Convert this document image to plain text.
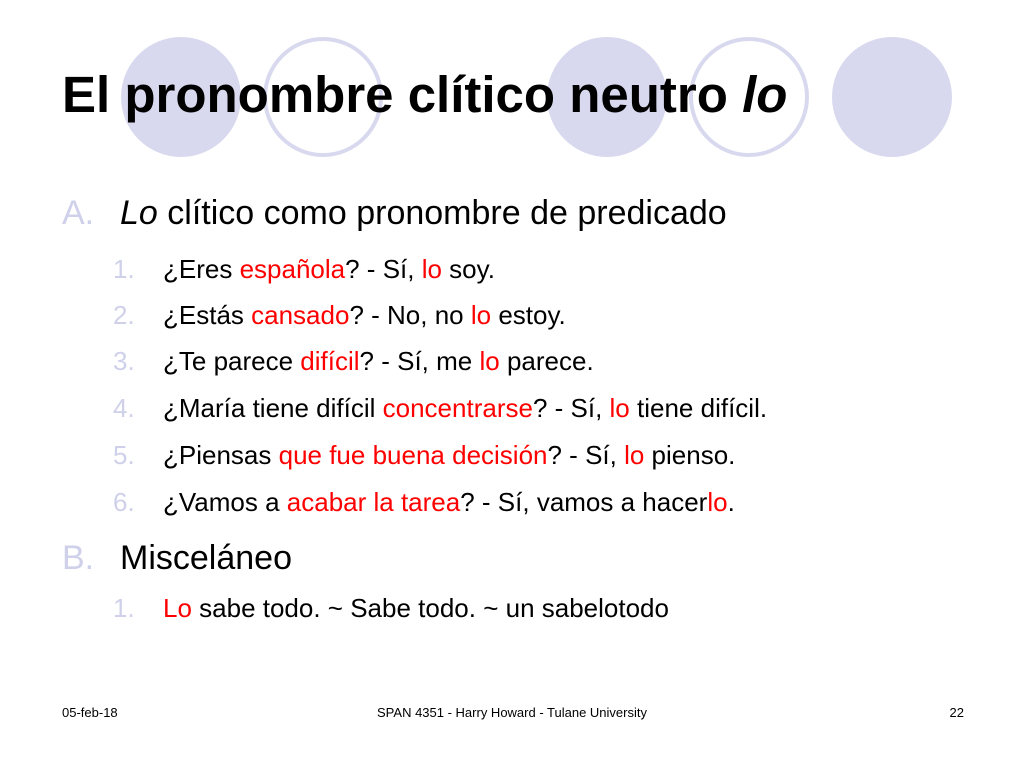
El pronombre clítico neutro lo
A. Lo clítico como pronombre de predicado
1. ¿Eres española? - Sí, lo soy.
2. ¿Estás cansado? - No, no lo estoy.
3. ¿Te parece difícil? - Sí, me lo parece.
4. ¿María tiene difícil concentrarse? - Sí, lo tiene difícil.
5. ¿Piensas que fue buena decisión? - Sí, lo pienso.
6. ¿Vamos a acabar la tarea? - Sí, vamos a hacerlo.
B. Misceláneo
1. Lo sabe todo. ~ Sabe todo. ~ un sabelotodo
05-feb-18	SPAN 4351 - Harry Howard - Tulane University	22
